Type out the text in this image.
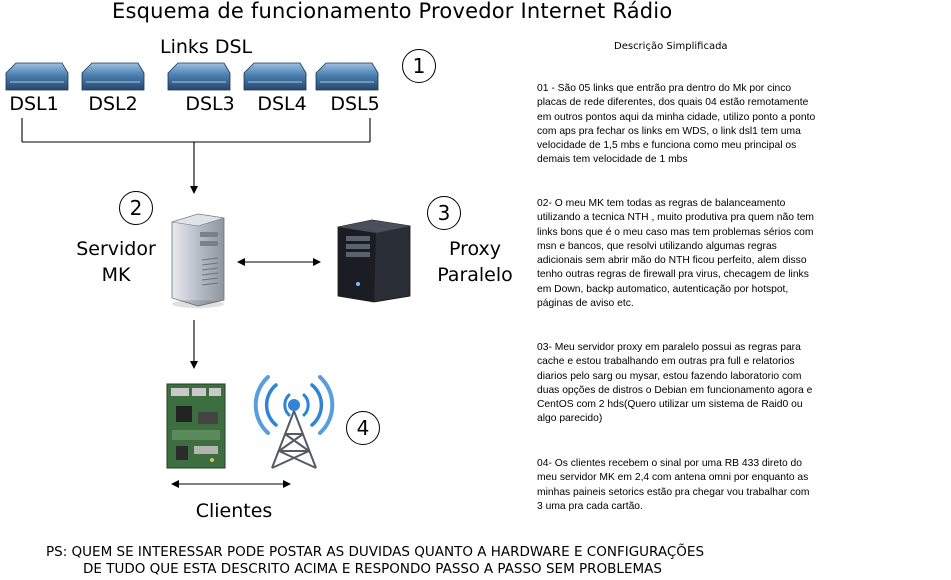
Esquema de funcionamento Provedor Internet Rádio
Links DSL
1
2	3
4
DSL1	DSL2	DSL3	DSL4	DSL5
Servidor
MK
Proxy
Paralelo
Clientes
Descrição Simplificada
01 - São 05 links que entrão pra dentro do Mk por cinco placas de rede diferentes, dos quais 04 estão remotamente em outros pontos aqui da minha cidade, utilizo ponto a ponto com aps pra fechar os links em WDS, o link dsl1 tem uma velocidade de 1,5 mbs e funciona como meu principal os demais tem velocidade de 1 mbs
02- O meu MK tem todas as regras de balanceamento utilizando a tecnica NTH , muito produtiva pra quem não tem links bons que é o meu caso mas tem problemas sérios com msn e bancos, que resolvi utilizando algumas regras adicionais sem abrir mão do NTH ficou perfeito, alem disso tenho outras regras de firewall pra virus, checagem de links em Down, backp automatico, autenticação por hotspot, páginas de aviso etc.
03- Meu servidor proxy em paralelo possui as regras para cache e estou trabalhando em outras pra full e relatorios diarios pelo sarg ou mysar, estou fazendo laboratorio com duas opções de distros o Debian em funcionamento agora e CentOS com 2 hds(Quero utilizar um sistema de Raid0 ou algo parecido)
04- Os clientes recebem o sinal por uma RB 433 direto do meu servidor MK em 2,4 com antena omni por enquanto as minhas paineis setorics estão pra chegar vou trabalhar com 3 uma pra cada cartão.
PS: QUEM SE INTERESSAR PODE POSTAR AS DUVIDAS QUANTO A HARDWARE E CONFIGURAÇÕES
DE TUDO QUE ESTA DESCRITO ACIMA E RESPONDO PASSO A PASSO SEM PROBLEMAS
